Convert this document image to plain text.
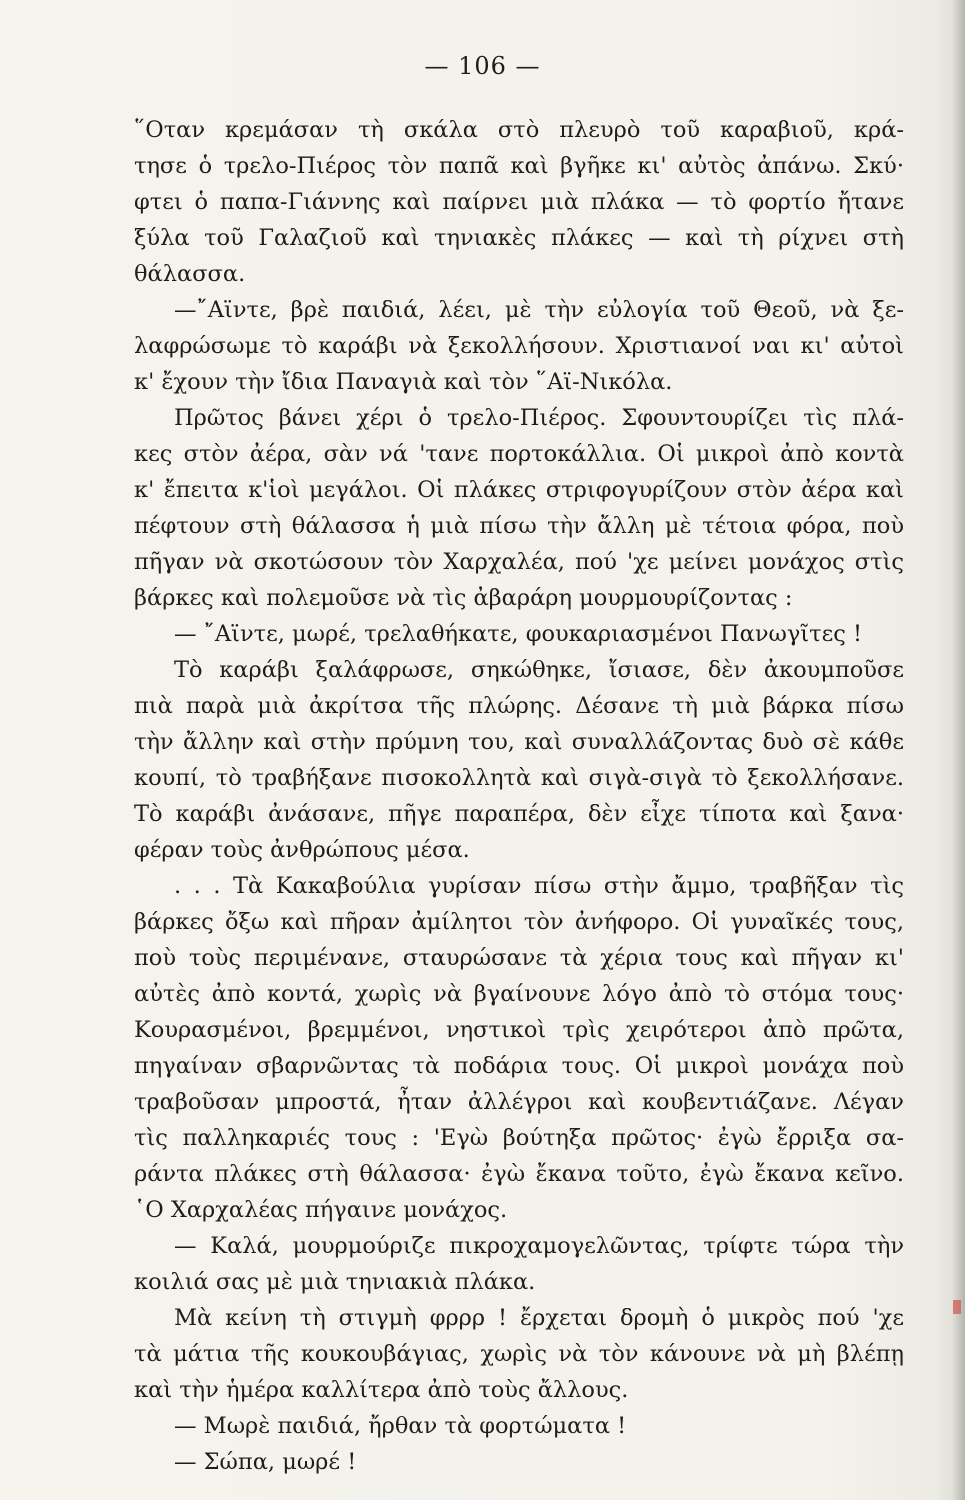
— 106 —
῞Οταν κρεμάσαν τὴ σκάλα στὸ πλευρὸ τοῦ καραβιοῦ, κρά-
τησε ὁ τρελο-Πιέρος τὸν παπᾶ καὶ βγῆκε κι' αὐτὸς ἀπάνω. Σκύ·
φτει ὁ παπα-Γιάννης καὶ παίρνει μιὰ πλάκα — τὸ φορτίο ἤτανε
ξύλα τοῦ Γαλαζιοῦ καὶ τηνιακὲς πλάκες — καὶ τὴ ρίχνει στὴ
θάλασσα.
—῎Αϊντε, βρὲ παιδιά, λέει, μὲ τὴν εὐλογία τοῦ Θεοῦ, νὰ ξε-
λαφρώσωμε τὸ καράβι νὰ ξεκολλήσουν. Χριστιανοί ναι κι' αὐτοὶ
κ' ἔχουν τὴν ἴδια Παναγιὰ καὶ τὸν ῞Αϊ-Νικόλα.
Πρῶτος βάνει χέρι ὁ τρελο-Πιέρος. Σφουντουρίζει τὶς πλά-
κες στὸν ἀέρα, σὰν νά 'τανε πορτοκάλλια. Οἱ μικροὶ ἀπὸ κοντὰ
κ' ἔπειτα κ'ἱοὶ μεγάλοι. Οἱ πλάκες στριφογυρίζουν στὸν ἀέρα καὶ
πέφτουν στὴ θάλασσα ἡ μιὰ πίσω τὴν ἄλλη μὲ τέτοια φόρα, ποὺ
πῆγαν νὰ σκοτώσουν τὸν Χαρχαλέα, πού 'χε μείνει μονάχος στὶς
βάρκες καὶ πολεμοῦσε νὰ τὶς ἀβαράρη μουρμουρίζοντας :
— ῎Αϊντε, μωρέ, τρελαθήκατε, φουκαριασμένοι Πανωγῖτες !
Τὸ καράβι ξαλάφρωσε, σηκώθηκε, ἴσιασε, δὲν ἀκουμποῦσε
πιὰ παρὰ μιὰ ἀκρίτσα τῆς πλώρης. Δέσανε τὴ μιὰ βάρκα πίσω
τὴν ἄλλην καὶ στὴν πρύμνη του, καὶ συναλλάζοντας δυὸ σὲ κάθε
κουπί, τὸ τραβήξανε πισοκολλητὰ καὶ σιγὰ-σιγὰ τὸ ξεκολλήσανε.
Τὸ καράβι ἀνάσανε, πῆγε παραπέρα, δὲν εἶχε τίποτα καὶ ξανα·
φέραν τοὺς ἀνθρώπους μέσα.
. . . Τὰ Κακαβούλια γυρίσαν πίσω στὴν ἄμμο, τραβῆξαν τὶς
βάρκες ὄξω καὶ πῆραν ἀμίλητοι τὸν ἀνήφορο. Οἱ γυναῖκές τους,
ποὺ τοὺς περιμένανε, σταυρώσανε τὰ χέρια τους καὶ πῆγαν κι'
αὐτὲς ἀπὸ κοντά, χωρὶς νὰ βγαίνουνε λόγο ἀπὸ τὸ στόμα τους·
Κουρασμένοι, βρεμμένοι, νηστικοὶ τρὶς χειρότεροι ἀπὸ πρῶτα,
πηγαίναν σβαρνῶντας τὰ ποδάρια τους. Οἱ μικροὶ μονάχα ποὺ
τραβοῦσαν μπροστά, ἦταν ἀλλέγροι καὶ κουβεντιάζανε. Λέγαν
τὶς παλληκαριές τους : 'Εγὼ βούτηξα πρῶτος· ἐγὼ ἔρριξα σα-
ράντα πλάκες στὴ θάλασσα· ἐγὼ ἔκανα τοῦτο, ἐγὼ ἔκανα κεῖνο.
῾Ο Χαρχαλέας πήγαινε μονάχος.
— Καλά, μουρμούριζε πικροχαμογελῶντας, τρίφτε τώρα τὴν
κοιλιά σας μὲ μιὰ τηνιακιὰ πλάκα.
Μὰ κείνη τὴ στιγμὴ φρρρ ! ἔρχεται δρομὴ ὁ μικρὸς πού 'χε
τὰ μάτια τῆς κουκουβάγιας, χωρὶς νὰ τὸν κάνουνε νὰ μὴ βλέπῃ
καὶ τὴν ἡμέρα καλλίτερα ἀπὸ τοὺς ἄλλους.
— Μωρὲ παιδιά, ἤρθαν τὰ φορτώματα !
— Σώπα, μωρέ !
